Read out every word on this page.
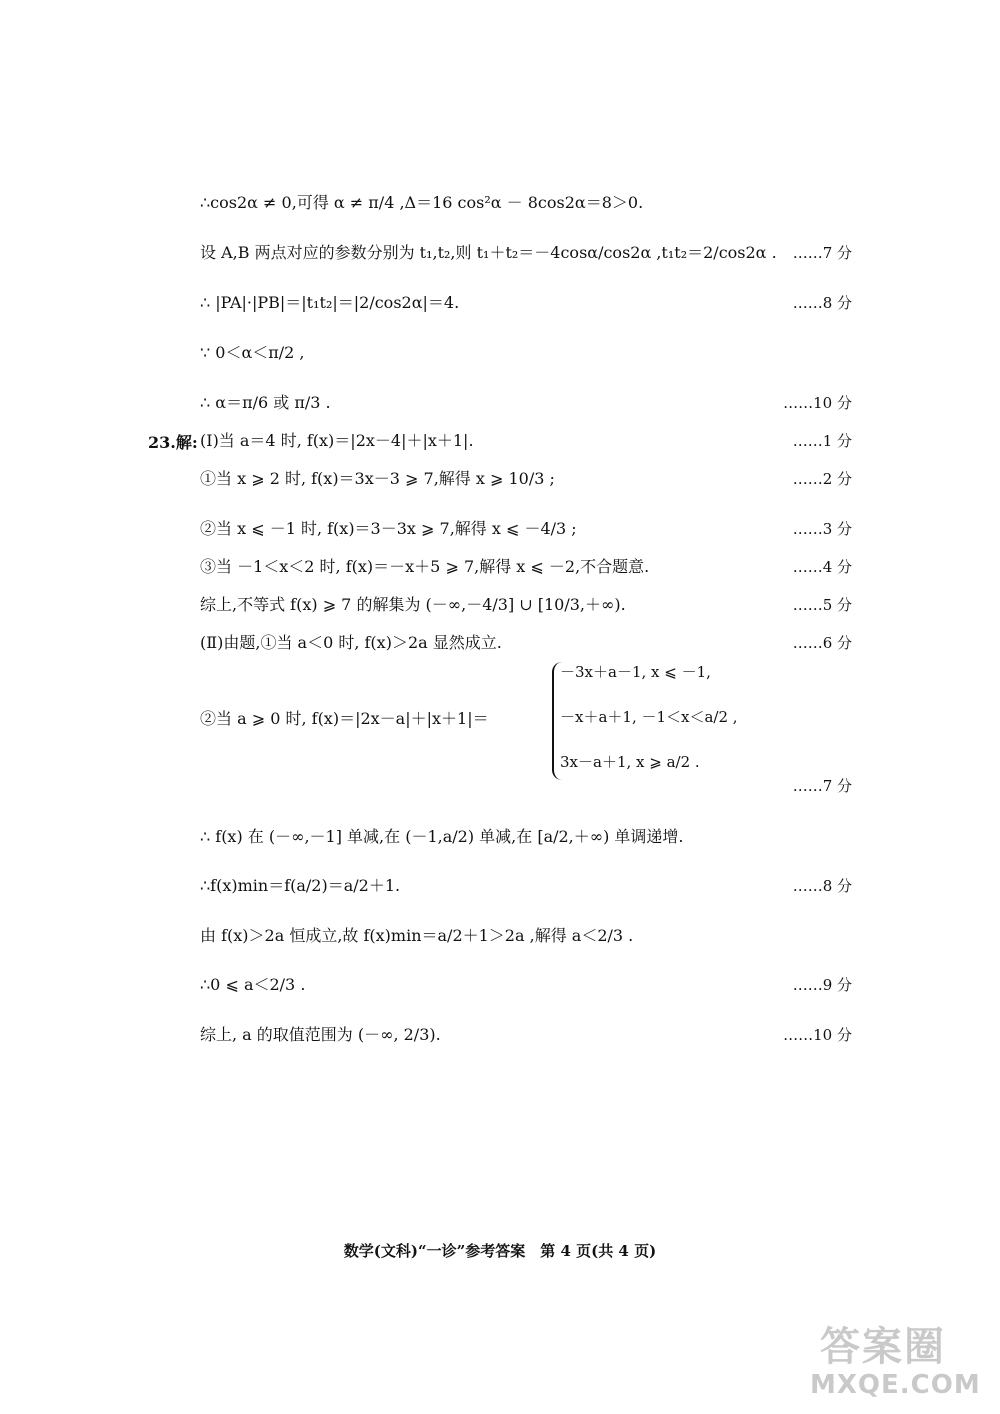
∴cos2α ≠ 0,可得 α ≠ π/4 ,Δ＝16 cos²α － 8cos2α＝8＞0.
设 A,B 两点对应的参数分别为 t₁,t₂,则 t₁＋t₂＝－4cosα/cos2α ,t₁t₂＝2/cos2α . ……7 分
∴ |PA|·|PB|＝|t₁t₂|＝|2/cos2α|＝4.	……8 分
∵ 0＜α＜π/2 ,
∴ α＝π/6 或 π/3 .	……10 分
23.解: (Ⅰ)当 a＝4 时, f(x)＝|2x－4|＋|x＋1|.	……1 分
①当 x ⩾ 2 时, f(x)＝3x－3 ⩾ 7,解得 x ⩾ 10/3 ;	……2 分
②当 x ⩽ －1 时, f(x)＝3－3x ⩾ 7,解得 x ⩽ －4/3 ;	……3 分
③当 －1＜x＜2 时, f(x)＝－x＋5 ⩾ 7,解得 x ⩽ －2,不合题意.	……4 分
综上,不等式 f(x) ⩾ 7 的解集为 (－∞,－4/3] ∪ [10/3,＋∞).	……5 分
(Ⅱ)由题,①当 a＜0 时, f(x)＞2a 显然成立.	……6 分
②当 a ⩾ 0 时, f(x)＝|2x－a|＋|x＋1|＝
－3x＋a－1, x ⩽ －1,
－x＋a＋1, －1＜x＜a/2 ,
3x－a＋1, x ⩾ a/2 .
……7 分
∴ f(x) 在 (－∞,－1] 单减,在 (－1,a/2) 单减,在 [a/2,＋∞) 单调递增.
∴f(x)min＝f(a/2)＝a/2＋1.	……8 分
由 f(x)＞2a 恒成立,故 f(x)min＝a/2＋1＞2a ,解得 a＜2/3 .
∴0 ⩽ a＜2/3 .	……9 分
综上, a 的取值范围为 (－∞, 2/3).	……10 分
数学(文科)“一诊”参考答案　第 4 页(共 4 页)
答案圈
MXQE.COM
